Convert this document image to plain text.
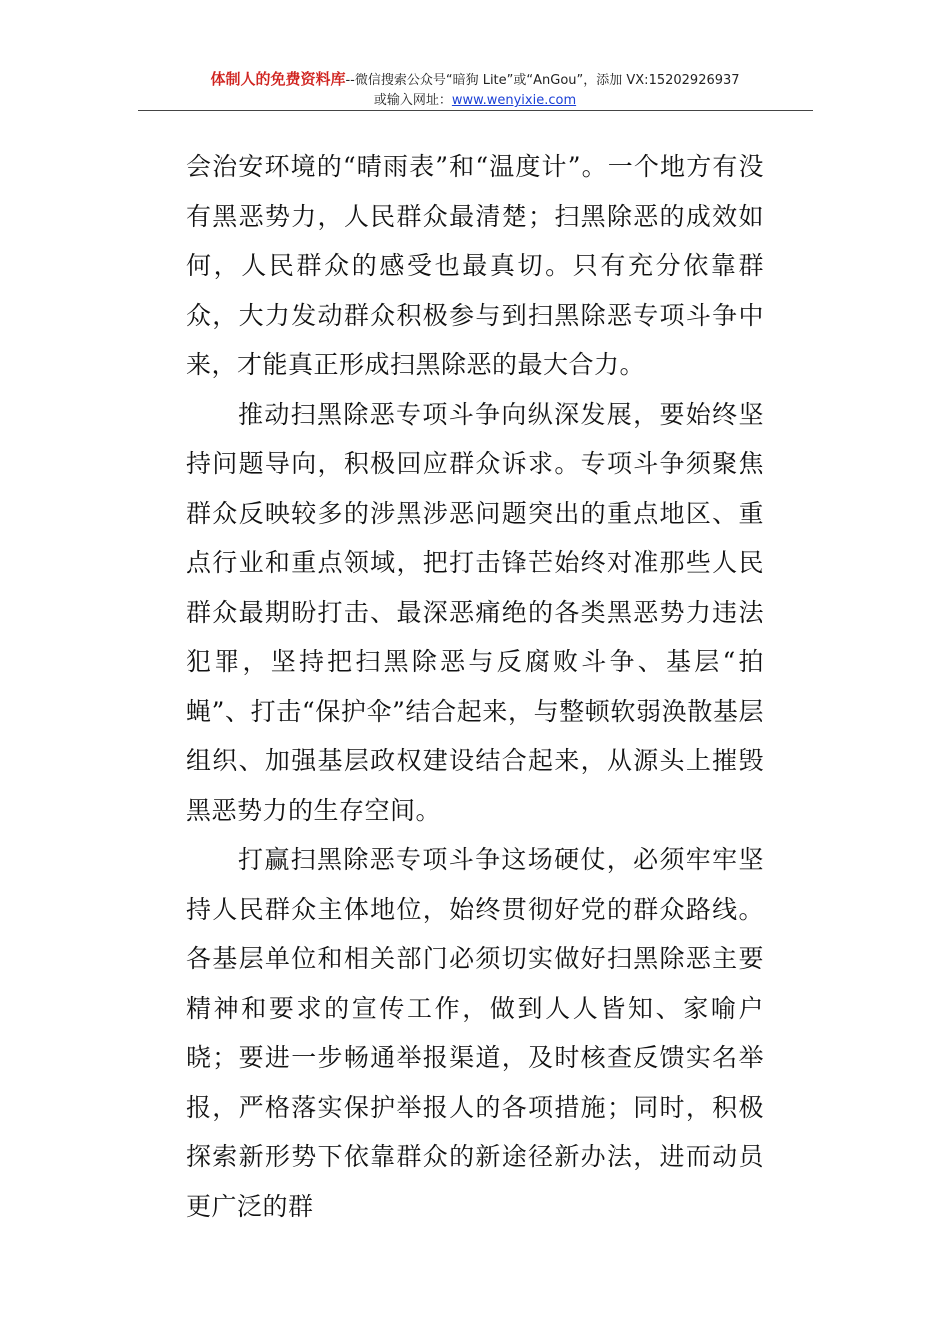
体制人的免费资料库--微信搜索公众号“暗狗 Lite”或“AnGou”，添加 VX:15202926937
或输入网址：www.wenyixie.com

会治安环境的“晴雨表”和“温度计”。一个地方有没有黑恶势力，人民群众最清楚；扫黑除恶的成效如何，人民群众的感受也最真切。只有充分依靠群众，大力发动群众积极参与到扫黑除恶专项斗争中来，才能真正形成扫黑除恶的最大合力。

推动扫黑除恶专项斗争向纵深发展，要始终坚持问题导向，积极回应群众诉求。专项斗争须聚焦群众反映较多的涉黑涉恶问题突出的重点地区、重点行业和重点领域，把打击锋芒始终对准那些人民群众最期盼打击、最深恶痛绝的各类黑恶势力违法犯罪，坚持把扫黑除恶与反腐败斗争、基层“拍蝇”、打击“保护伞”结合起来，与整顿软弱涣散基层组织、加强基层政权建设结合起来，从源头上摧毁黑恶势力的生存空间。

打赢扫黑除恶专项斗争这场硬仗，必须牢牢坚持人民群众主体地位，始终贯彻好党的群众路线。各基层单位和相关部门必须切实做好扫黑除恶主要精神和要求的宣传工作，做到人人皆知、家喻户晓；要进一步畅通举报渠道，及时核查反馈实名举报，严格落实保护举报人的各项措施；同时，积极探索新形势下依靠群众的新途径新办法，进而动员更广泛的群
